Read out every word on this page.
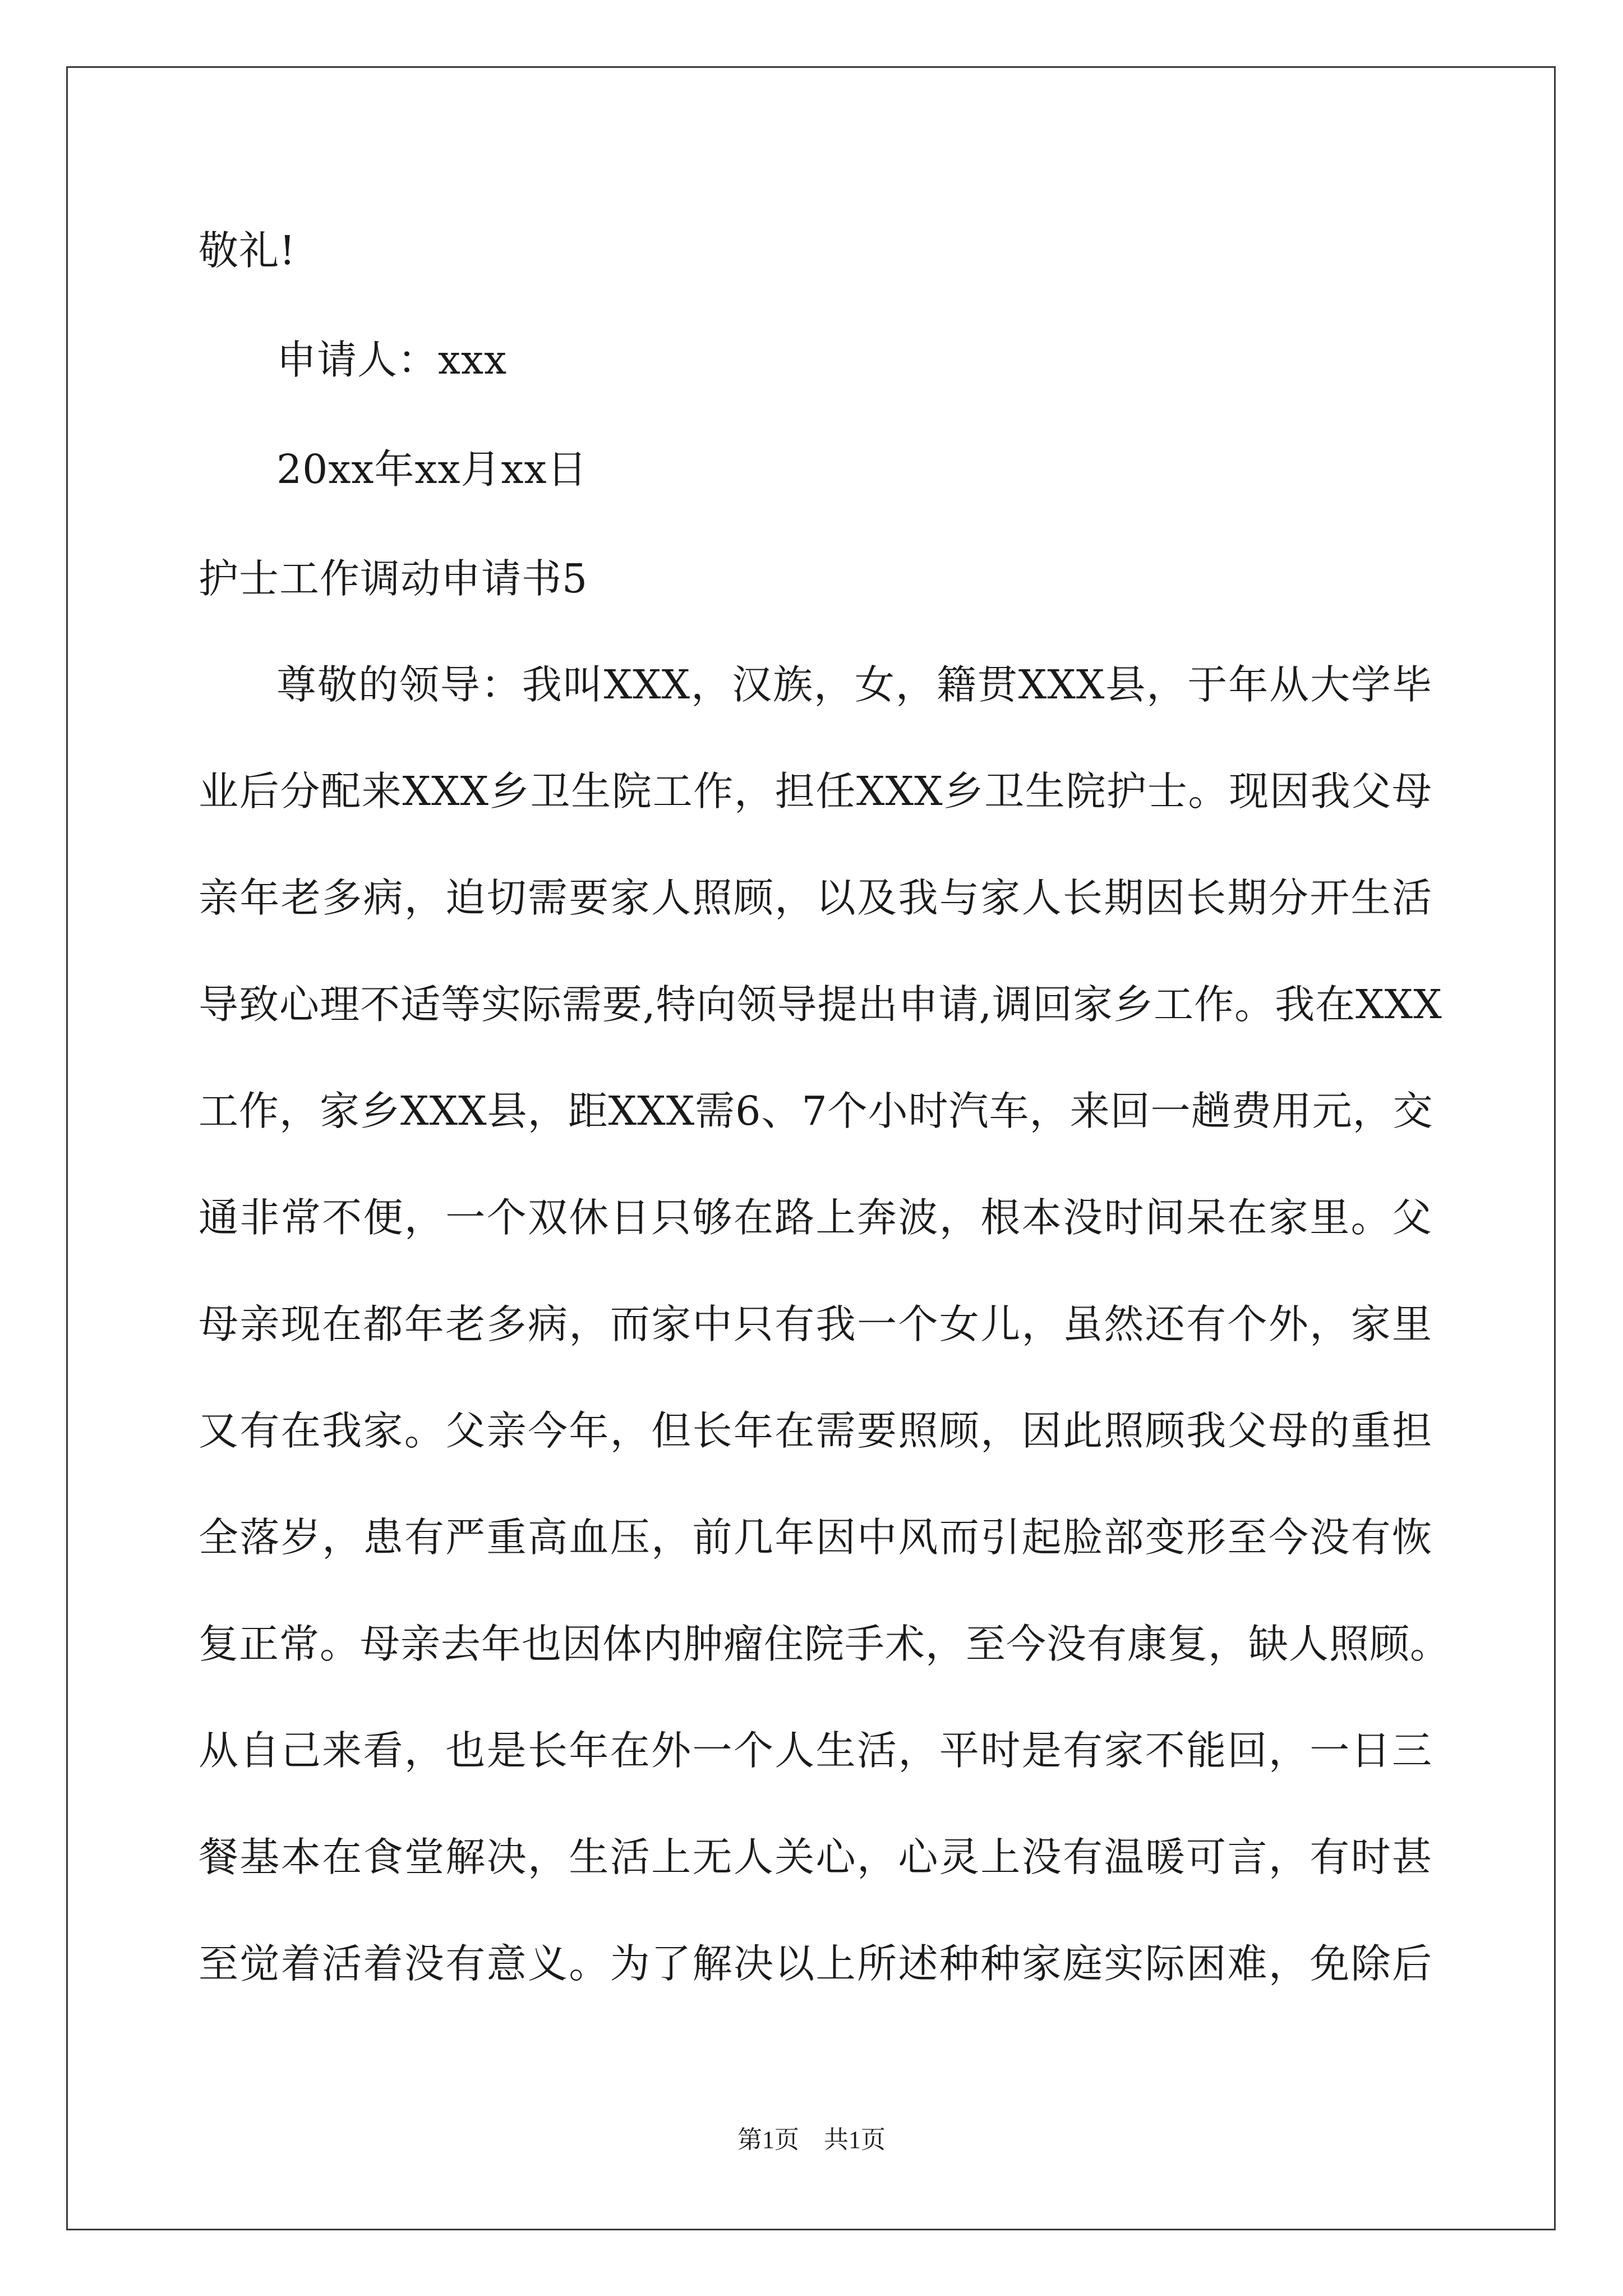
敬礼!
申请人：xxx
20xx年xx月xx日
护士工作调动申请书5
尊敬的领导：我叫XXX，汉族，女，籍贯XXX县，于年从大学毕
业后分配来XXX乡卫生院工作，担任XXX乡卫生院护士。现因我父母
亲年老多病，迫切需要家人照顾，以及我与家人长期因长期分开生活
导致心理不适等实际需要,特向领导提出申请,调回家乡工作。我在XXX
工作，家乡XXX县，距XXX需6、7个小时汽车，来回一趟费用元，交
通非常不便，一个双休日只够在路上奔波，根本没时间呆在家里。父
母亲现在都年老多病，而家中只有我一个女儿，虽然还有个外，家里
又有在我家。父亲今年，但长年在需要照顾，因此照顾我父母的重担
全落岁，患有严重高血压，前几年因中风而引起脸部变形至今没有恢
复正常。母亲去年也因体内肿瘤住院手术，至今没有康复，缺人照顾。
从自己来看，也是长年在外一个人生活，平时是有家不能回，一日三
餐基本在食堂解决，生活上无人关心，心灵上没有温暖可言，有时甚
至觉着活着没有意义。为了解决以上所述种种家庭实际困难，免除后
第1页　共1页
